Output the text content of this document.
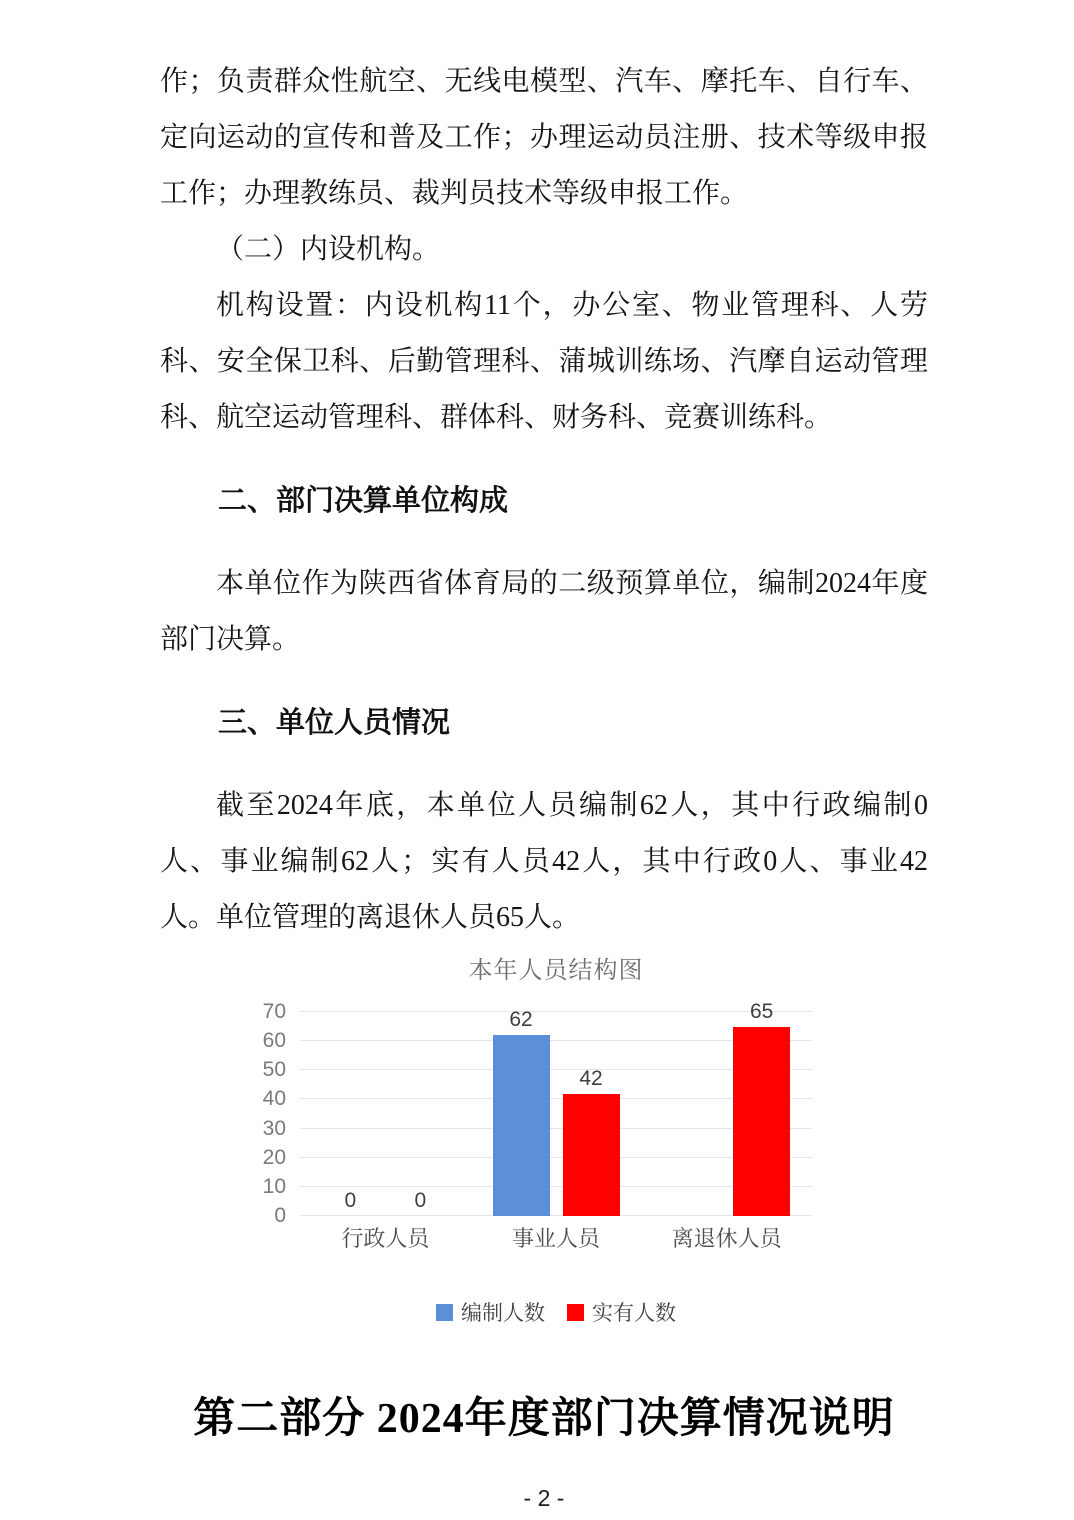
作；负责群众性航空、无线电模型、汽车、摩托车、自行车、定向运动的宣传和普及工作；办理运动员注册、技术等级申报工作；办理教练员、裁判员技术等级申报工作。

（二）内设机构。

机构设置：内设机构11个，办公室、物业管理科、人劳科、安全保卫科、后勤管理科、蒲城训练场、汽摩自运动管理科、航空运动管理科、群体科、财务科、竞赛训练科。

二、部门决算单位构成

本单位作为陕西省体育局的二级预算单位，编制2024年度部门决算。

三、单位人员情况

截至2024年底，本单位人员编制62人，其中行政编制0人、事业编制62人；实有人员42人，其中行政0人、事业42人。单位管理的离退休人员65人。

本年人员结构图
0
10
20
30
40
50
60
70
0	0
62
42
65
行政人员	事业人员	离退休人员
编制人数 实有人数
第二部分 2024年度部门决算情况说明
- 2 -
